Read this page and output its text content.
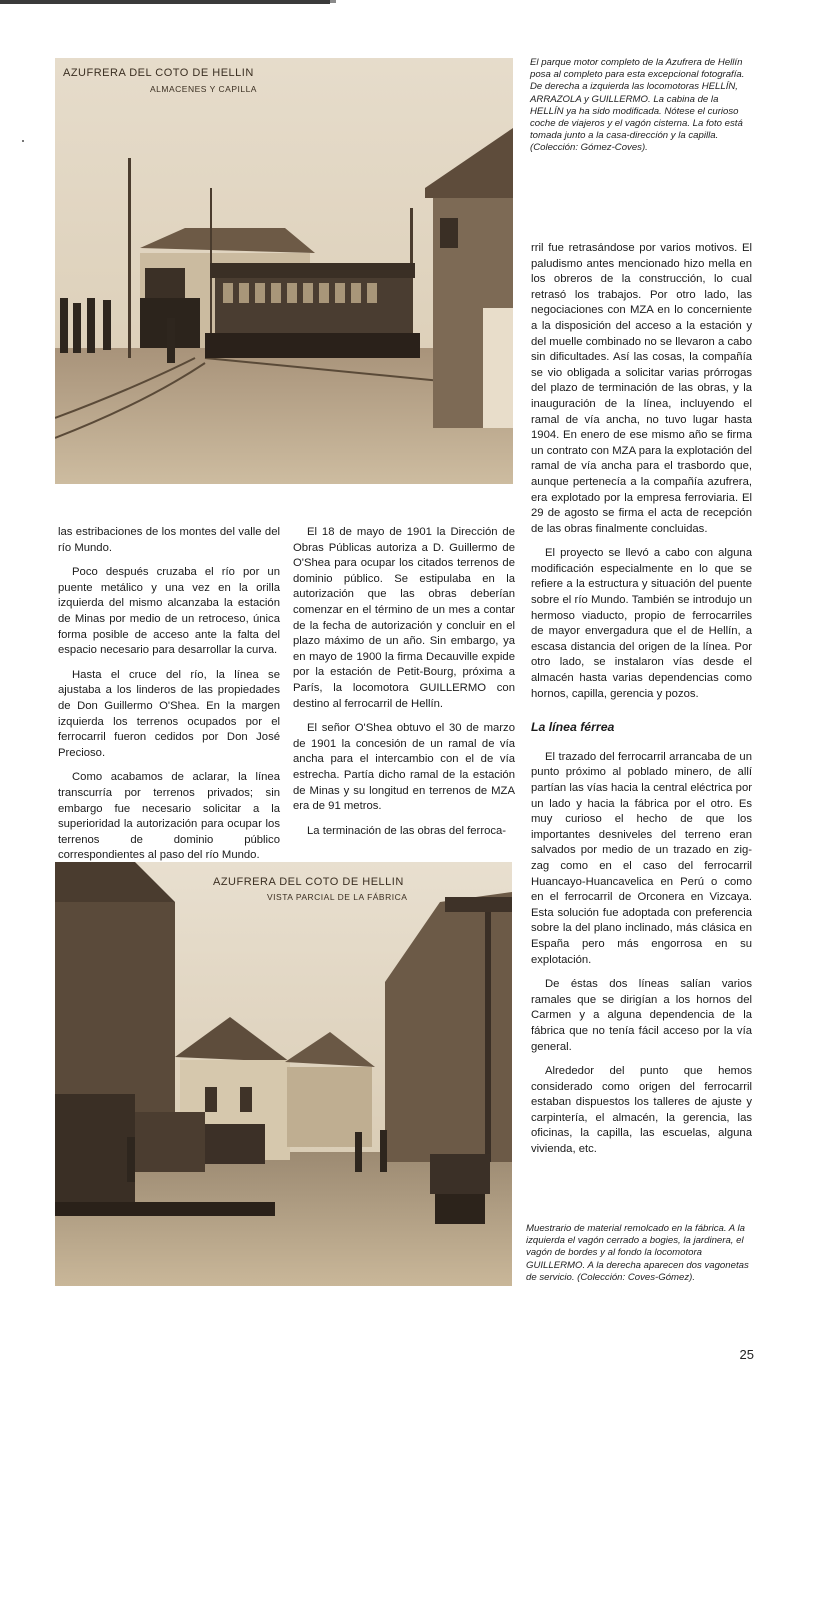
AZUFRERA DEL COTO DE HELLIN
ALMACENES Y CAPILLA

El parque motor completo de la Azufrera de Hellín posa al completo para esta excepcional fotografía. De derecha a izquierda las locomotoras HELLÍN, ARRAZOLA y GUILLERMO. La cabina de la HELLÍN ya ha sido modificada. Nótese el curioso coche de viajeros y el vagón cisterna. La foto está tomada junto a la casa-dirección y la capilla. (Colección: Gómez-Coves).

rril fue retrasándose por varios motivos. El paludismo antes mencionado hizo mella en los obreros de la construcción, lo cual retrasó los trabajos. Por otro lado, las negociaciones con MZA en lo concerniente a la disposición del acceso a la estación y del muelle combinado no se llevaron a cabo sin dificultades. Así las cosas, la compañía se vio obligada a solicitar varias prórrogas del plazo de terminación de las obras, y la inauguración de la línea, incluyendo el ramal de vía ancha, no tuvo lugar hasta 1904. En enero de ese mismo año se firma un contrato con MZA para la explotación del ramal de vía ancha para el trasbordo que, aunque pertenecía a la compañía azufrera, era explotado por la empresa ferroviaria. El 29 de agosto se firma el acta de recepción de las obras finalmente concluidas.

El proyecto se llevó a cabo con alguna modificación especialmente en lo que se refiere a la estructura y situación del puente sobre el río Mundo. También se introdujo un hermoso viaducto, propio de ferrocarriles de mayor envergadura que el de Hellín, a escasa distancia del origen de la línea. Por otro lado, se instalaron vías desde el almacén hasta varias dependencias como hornos, capilla, gerencia y pozos.

La línea férrea

El trazado del ferrocarril arrancaba de un punto próximo al poblado minero, de allí partían las vías hacia la central eléctrica por un lado y hacia la fábrica por el otro. Es muy curioso el hecho de que los importantes desniveles del terreno eran salvados por medio de un trazado en zig-zag como en el caso del ferrocarril Huancayo-Huancavelica en Perú o como en el ferrocarril de Orconera en Vizcaya. Esta solución fue adoptada con preferencia sobre la del plano inclinado, más clásica en España pero más engorrosa en su explotación.

De éstas dos líneas salían varios ramales que se dirigían a los hornos del Carmen y a alguna dependencia de la fábrica que no tenía fácil acceso por la vía general.

Alrededor del punto que hemos considerado como origen del ferrocarril estaban dispuestos los talleres de ajuste y carpintería, el almacén, la gerencia, las oficinas, la capilla, las escuelas, alguna vivienda, etc.

las estribaciones de los montes del valle del río Mundo.

Poco después cruzaba el río por un puente metálico y una vez en la orilla izquierda del mismo alcanzaba la estación de Minas por medio de un retroceso, única forma posible de acceso ante la falta del espacio necesario para desarrollar la curva.

Hasta el cruce del río, la línea se ajustaba a los linderos de las propiedades de Don Guillermo O'Shea. En la margen izquierda los terrenos ocupados por el ferrocarril fueron cedidos por Don José Precioso.

Como acabamos de aclarar, la línea transcurría por terrenos privados; sin embargo fue necesario solicitar a la superioridad la autorización para ocupar los terrenos de dominio público correspondientes al paso del río Mundo.

El 18 de mayo de 1901 la Dirección de Obras Públicas autoriza a D. Guillermo de O'Shea para ocupar los citados terrenos de dominio público. Se estipulaba en la autorización que las obras deberían comenzar en el término de un mes a contar de la fecha de autorización y concluir en el plazo máximo de un año. Sin embargo, ya en mayo de 1900 la firma Decauville expide por la estación de Petit-Bourg, próxima a París, la locomotora GUILLERMO con destino al ferrocarril de Hellín.

El señor O'Shea obtuvo el 30 de marzo de 1901 la concesión de un ramal de vía ancha para el intercambio con el de vía estrecha. Partía dicho ramal de la estación de Minas y su longitud en terrenos de MZA era de 91 metros.

La terminación de las obras del ferroca-

AZUFRERA DEL COTO DE HELLIN
VISTA PARCIAL DE LA FÁBRICA

Muestrario de material remolcado en la fábrica. A la izquierda el vagón cerrado a bogies, la jardinera, el vagón de bordes y al fondo la locomotora GUILLERMO. A la derecha aparecen dos vagonetas de servicio. (Colección: Coves-Gómez).

25
